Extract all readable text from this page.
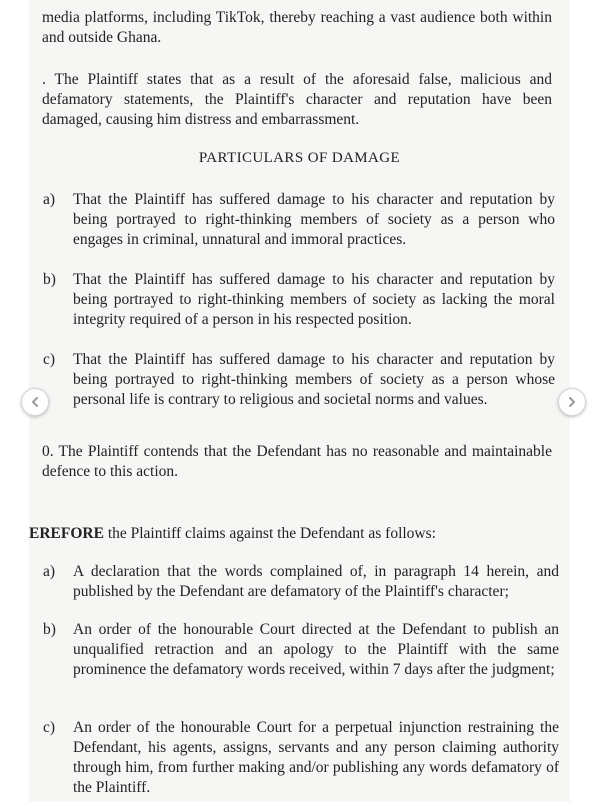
media platforms, including TikTok, thereby reaching a vast audience both within and outside Ghana.

. The Plaintiff states that as a result of the aforesaid false, malicious and defamatory statements, the Plaintiff's character and reputation have been damaged, causing him distress and embarrassment.

PARTICULARS OF DAMAGE

a)	That the Plaintiff has suffered damage to his character and reputation by being portrayed to right-thinking members of society as a person who engages in criminal, unnatural and immoral practices.
b)	That the Plaintiff has suffered damage to his character and reputation by being portrayed to right-thinking members of society as lacking the moral integrity required of a person in his respected position.
c)	That the Plaintiff has suffered damage to his character and reputation by being portrayed to right-thinking members of society as a person whose personal life is contrary to religious and societal norms and values.

0. The Plaintiff contends that the Defendant has no reasonable and maintainable defence to this action.

EREFORE the Plaintiff claims against the Defendant as follows:

a)	A declaration that the words complained of, in paragraph 14 herein, and published by the Defendant are defamatory of the Plaintiff's character;
b)	An order of the honourable Court directed at the Defendant to publish an unqualified retraction and an apology to the Plaintiff with the same prominence the defamatory words received, within 7 days after the judgment;
c)	An order of the honourable Court for a perpetual injunction restraining the Defendant, his agents, assigns, servants and any person claiming authority through him, from further making and/or publishing any words defamatory of the Plaintiff.
